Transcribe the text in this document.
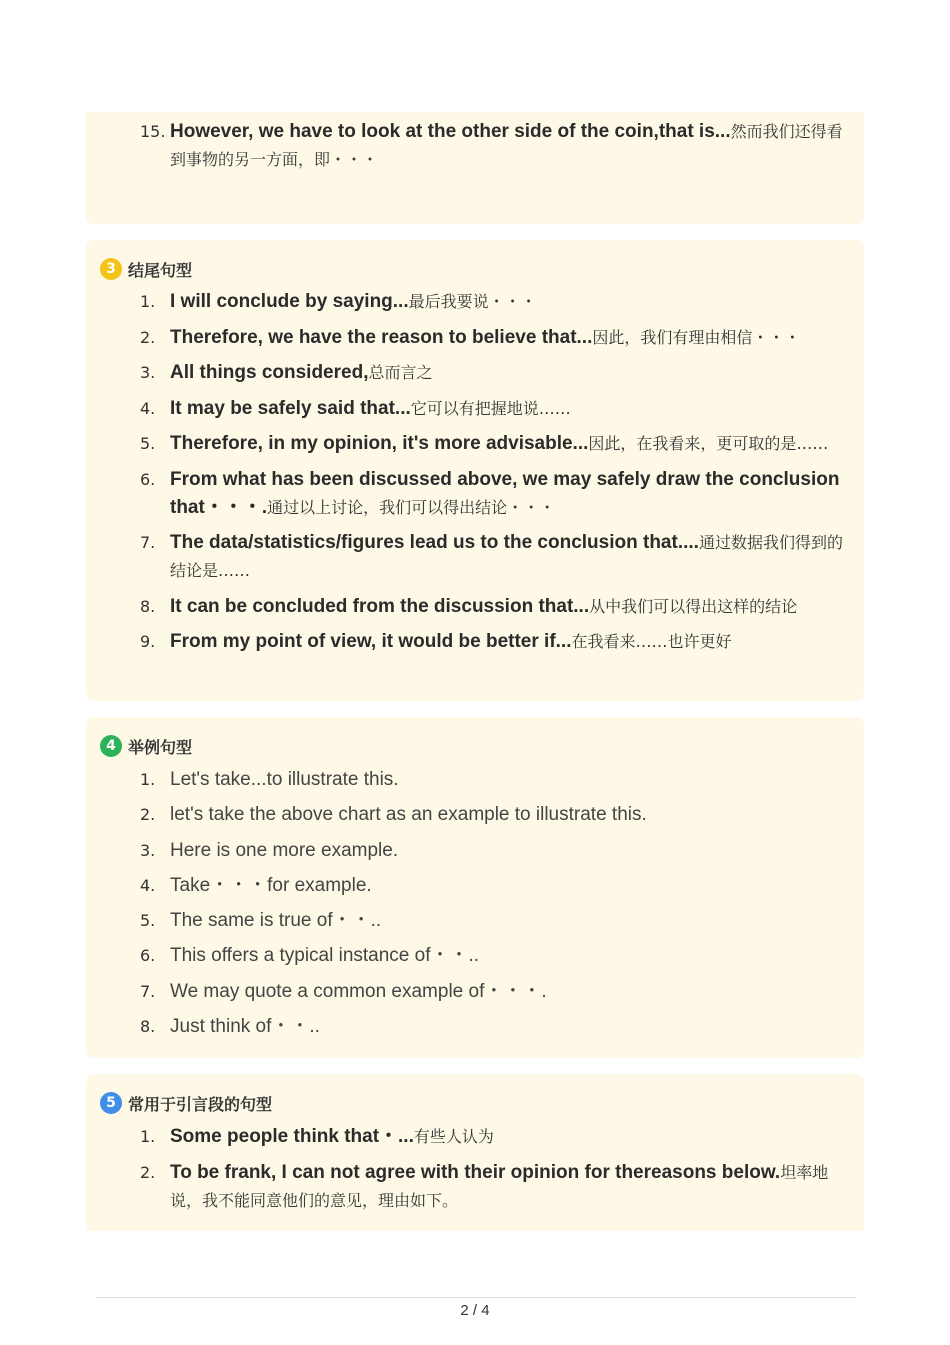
15. However, we have to look at the other side of the coin,that is...然而我们还得看到事物的另一方面，即・・・
3 结尾句型
1. I will conclude by saying...最后我要说・・・
2. Therefore, we have the reason to believe that...因此，我们有理由相信・・・
3. All things considered,总而言之
4. It may be safely said that...它可以有把握地说……
5. Therefore, in my opinion, it's more advisable...因此，在我看来，更可取的是……
6. From what has been discussed above, we may safely draw the conclusion that・・・.通过以上讨论，我们可以得出结论・・・
7. The data/statistics/figures lead us to the conclusion that....通过数据我们得到的结论是……
8. It can be concluded from the discussion that...从中我们可以得出这样的结论
9. From my point of view, it would be better if...在我看来……也许更好
4 举例句型
1. Let's take...to illustrate this.
2. let's take the above chart as an example to illustrate this.
3. Here is one more example.
4. Take・・・for example.
5. The same is true of・・..
6. This offers a typical instance of・・..
7. We may quote a common example of・・・.
8. Just think of・・..
5 常用于引言段的句型
1. Some people think that・...有些人认为
2. To be frank, I can not agree with their opinion for thereasons below.坦率地说，我不能同意他们的意见，理由如下。
2 / 4
